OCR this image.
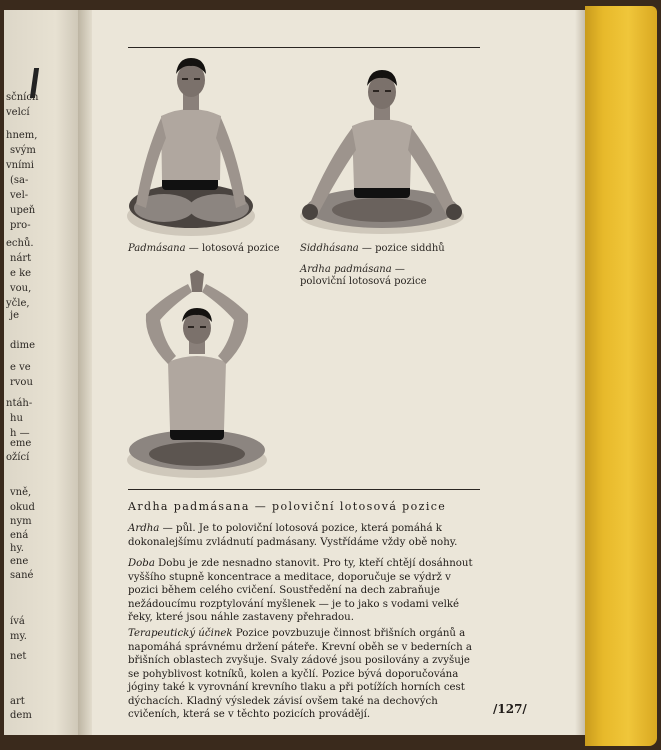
sčních
velcí
hnem,
svým
vními
(sa-
vel-
upeň
pro-
echů.
nárt
e ke
vou,
yčle,
je
dime
e ve
rvou
ntáh-
hu
h —
eme
ožící
vně,
okud
nym
ená
hy.
ene
sané
ívá
my.
net
art
dem
Padmásana — lotosová pozice Siddhásana — pozice siddhů
Ardha padmásana —
poloviční lotosová pozice
Ardha padmásana — poloviční lotosová pozice
Ardha — půl. Je to poloviční lotosová pozice, která pomáhá k dokonalejšímu zvládnutí padmásany. Vystřídáme vždy obě nohy.
Doba Dobu je zde nesnadno stanovit. Pro ty, kteří chtějí dosáhnout vyššího stupně koncentrace a meditace, doporučuje se výdrž v pozici během celého cvičení. Soustředění na dech zabraňuje nežádoucímu rozptylování myšlenek — je to jako s vodami velké řeky, které jsou náhle zastaveny přehradou.
Terapeutický účinek Pozice povzbuzuje činnost břišních orgánů a napomáhá správnému držení páteře. Krevní oběh se v bederních a břišních oblastech zvyšuje. Svaly zádové jsou posilovány a zvyšuje se pohyblivost kotníků, kolen a kyčlí. Pozice bývá doporučována jóginy také k vyrovnání krevního tlaku a při potížích horních cest dýchacích. Kladný výsledek závisí ovšem také na dechových cvičeních, která se v těchto pozicích provádějí.	/127/
